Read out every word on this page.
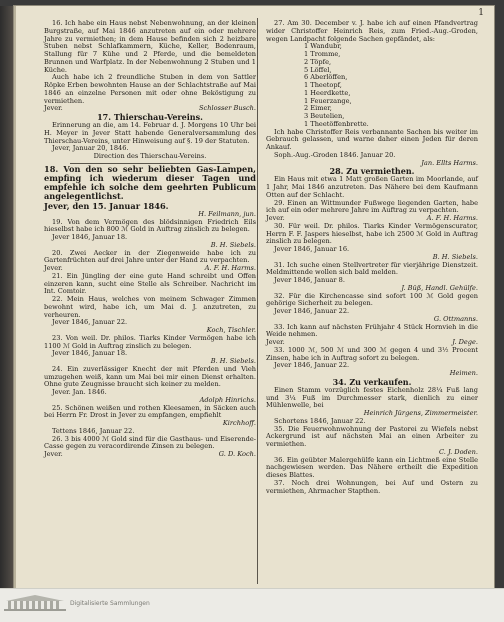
1

16. Ich habe ein Haus nebst Nebenwohnung, an der kleinen Burgstraße, auf Mai 1846 anzutreten auf ein oder mehrere Jahre zu vermiethen; in dem Hause befinden sich 2 heizbare Stuben nebst Schlafkammern, Küche, Keller, Bodenraum, Stallung für 7 Kühe und 2 Pferde, und die bemeldeten Brunnen und Warfplatz. In der Nebenwohnung 2 Stuben und 1 Küche.

Auch habe ich 2 freundliche Stuben in dem von Sattler Röpke Erben bewohnten Hause an der Schlachtstraße auf Mai 1846 an einzelne Personen mit oder ohne Beköstigung zu vermiethen.

Jever.	Schlosser Busch.

17. Thierschau-Vereins.

Erinnerung an die, am 14. Februar d. J. Morgens 10 Uhr bei H. Meyer in Jever Statt habende Generalversammlung des Thierschau-Vereins, unter Hinweisung auf §. 19 der Statuten.

Jever, Januar 20, 1846.

Direction des Thierschau-Vereins.

18. Von den so sehr beliebten Gas-Lampen, empfing ich wiederum dieser Tagen und empfehle ich solche dem geehrten Publicum angelegentlichst.

Jever, den 15. Januar 1846.

H. Feilmann, jun.

19. Von dem Vermögen des blödsinnigen Friedrich Eils hieselbst habe ich 800 ℳ Gold in Auftrag zinslich zu belegen.

Jever 1846, Januar 18.

B. H. Siebels.

20. Zwei Aecker in der Ziegenweide habe ich zu Gartenfrüchten auf drei Jahre unter der Hand zu verpachten.

Jever.	A. F. H. Harms.

21. Ein Jüngling der eine gute Hand schreibt und Offen einzeren kann, sucht eine Stelle als Schreiber. Nachricht im Int. Comtoir.

22. Mein Haus, welches von meinem Schwager Zimmen bewohnt wird, habe ich, um Mai d. J. anzutreten, zu verheuren.

Jever 1846, Januar 22.

Koch, Tischler.

23. Von weil. Dr. philos. Tiarks Kinder Vermögen habe ich 1100 ℳ Gold in Auftrag zinslich zu belegen.

Jever 1846, Januar 18.

B. H. Siebels.

24. Ein zuverlässiger Knecht der mit Pferden und Vieh umzugehen weiß, kann um Mai bei mir einen Dienst erhalten. Ohne gute Zeugnisse braucht sich keiner zu melden.

Jever. Jan. 1846.

Adolph Hinrichs.

25. Schönen weißen und rothen Kleesamen, in Säcken auch bei Herrn Fr. Drost in Jever zu empfangen, empfiehlt

Kirchhoff.

Tettens 1846, Januar 22.

26. 3 bis 4000 ℳ Gold sind für die Gasthaus- und Eiserende-Casse gegen zu veracordirende Zinsen zu belegen.

Jever.	G. D. Koch.

27. Am 30. December v. J. habe ich auf einen Pfandvertrag wider Christoffer Heinrich Reis, zum Fried.-Aug.-Groden, wegen Landpacht folgende Sachen gepfändet, als:

1 Wandubr,

1 Tromme,

2 Töpfe,

5 Löffel,

6 Aberlöffen,

1 Theetopf,

1 Heerdkette,

1 Feuerzange,

2 Eimer,

3 Beutelien,

1 Theetöffenbrette.

Ich habe Christoffer Reis verbannante Sachen bis weiter im Gebrauch gelassen, und warne daher einen Jeden für deren Ankauf.

Soph.-Aug.-Groden 1846. Januar 20.

Jan. Ellts Harms.

28. Zu vermiethen.

Ein Haus mit etwa 1 Matt großen Garten im Moorlande, auf 1 Jahr, Mai 1846 anzutreten. Das Nähere bei dem Kaufmann Otten auf der Schlacht.

29. Einen an Wittmunder Fußwege liegenden Garten, habe ich auf ein oder mehrere Jahre im Auftrag zu verpachten.

Jever.	A. F. H. Harms.

30. Für weil. Dr. philos. Tiarks Kinder Vermögenscurator, Herrn F. F. Jaspers hieselbst, habe ich 2500 ℳ Gold in Auftrag zinslich zu belegen.

Jever 1846, Januar 16.

B. H. Siebels.

31. Ich suche einen Stellvertreter für vierjährige Dienstzeit. Meldmittende wollen sich bald melden.

Jever 1846, Januar 8.

J. Büß, Handl. Gehülfe.

32. Für die Kirchencasse sind sofort 100 ℳ Gold gegen gehörige Sicherheit zu belegen.

Jever 1846, Januar 22.

G. Ottmanns.

33. Ich kann auf nächsten Frühjahr 4 Stück Hornvieh in die Weide nehmen.

Jever.	J. Dege.

33. 1000 ℳ, 500 ℳ und 300 ℳ gegen 4 und 3½ Procent Zinsen, habe ich in Auftrag sofort zu belegen.

Jever 1846, Januar 22.

Heimen.

34. Zu verkaufen.

Einen Stamm vorzüglich festes Eichenholz 28¼ Fuß lang und 3¼ Fuß im Durchmesser stark, dienlich zu einer Mühlenwelle, bei

Heinrich Jürgens, Zimmermeister.

Schortens 1846, Januar 22.

35. Die Feuerwohnwohnung der Pastorei zu Wiefels nebst Ackergrund ist auf nächsten Mai an einen Arbeiter zu vermiethen.

C. J. Doden.

36. Ein geübter Malergehülfe kann ein Lichtmeß eine Stelle nachgewiesen werden. Das Nähere ertheilt die Expedition dieses Blattes.

37. Noch drei Wohnungen, bei Auf und Ostern zu vermiethen, Ahrmacher Stapthen.

Digitalisierte Sammlungen
